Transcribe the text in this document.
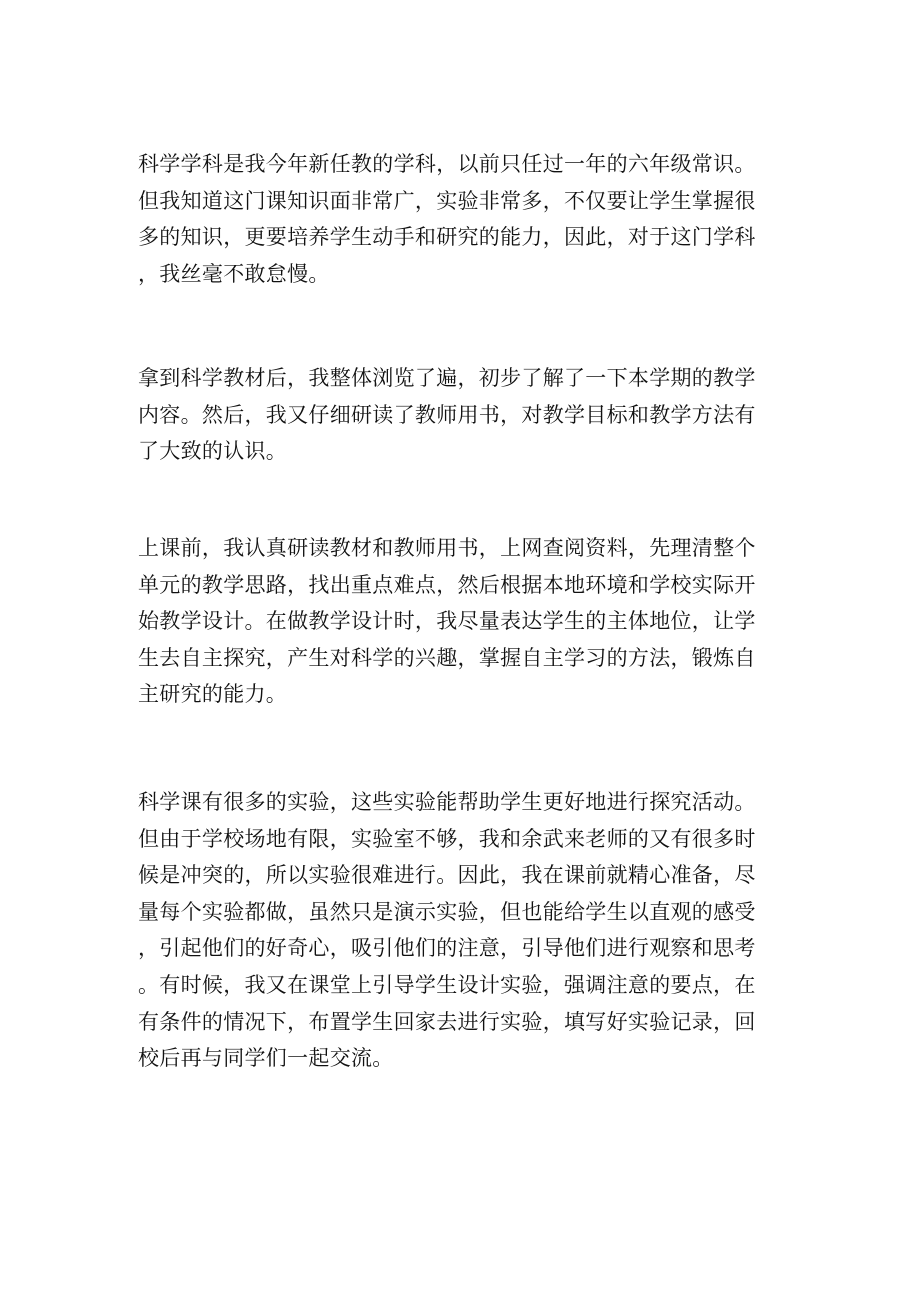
科学学科是我今年新任教的学科，以前只任过一年的六年级常识。
但我知道这门课知识面非常广，实验非常多，不仅要让学生掌握很
多的知识，更要培养学生动手和研究的能力，因此，对于这门学科
，我丝毫不敢怠慢。
拿到科学教材后，我整体浏览了遍，初步了解了一下本学期的教学
内容。然后，我又仔细研读了教师用书，对教学目标和教学方法有
了大致的认识。
上课前，我认真研读教材和教师用书，上网查阅资料，先理清整个
单元的教学思路，找出重点难点，然后根据本地环境和学校实际开
始教学设计。在做教学设计时，我尽量表达学生的主体地位，让学
生去自主探究，产生对科学的兴趣，掌握自主学习的方法，锻炼自
主研究的能力。
科学课有很多的实验，这些实验能帮助学生更好地进行探究活动。
但由于学校场地有限，实验室不够，我和余武来老师的又有很多时
候是冲突的，所以实验很难进行。因此，我在课前就精心准备，尽
量每个实验都做，虽然只是演示实验，但也能给学生以直观的感受
，引起他们的好奇心，吸引他们的注意，引导他们进行观察和思考
。有时候，我又在课堂上引导学生设计实验，强调注意的要点，在
有条件的情况下，布置学生回家去进行实验，填写好实验记录，回
校后再与同学们一起交流。
